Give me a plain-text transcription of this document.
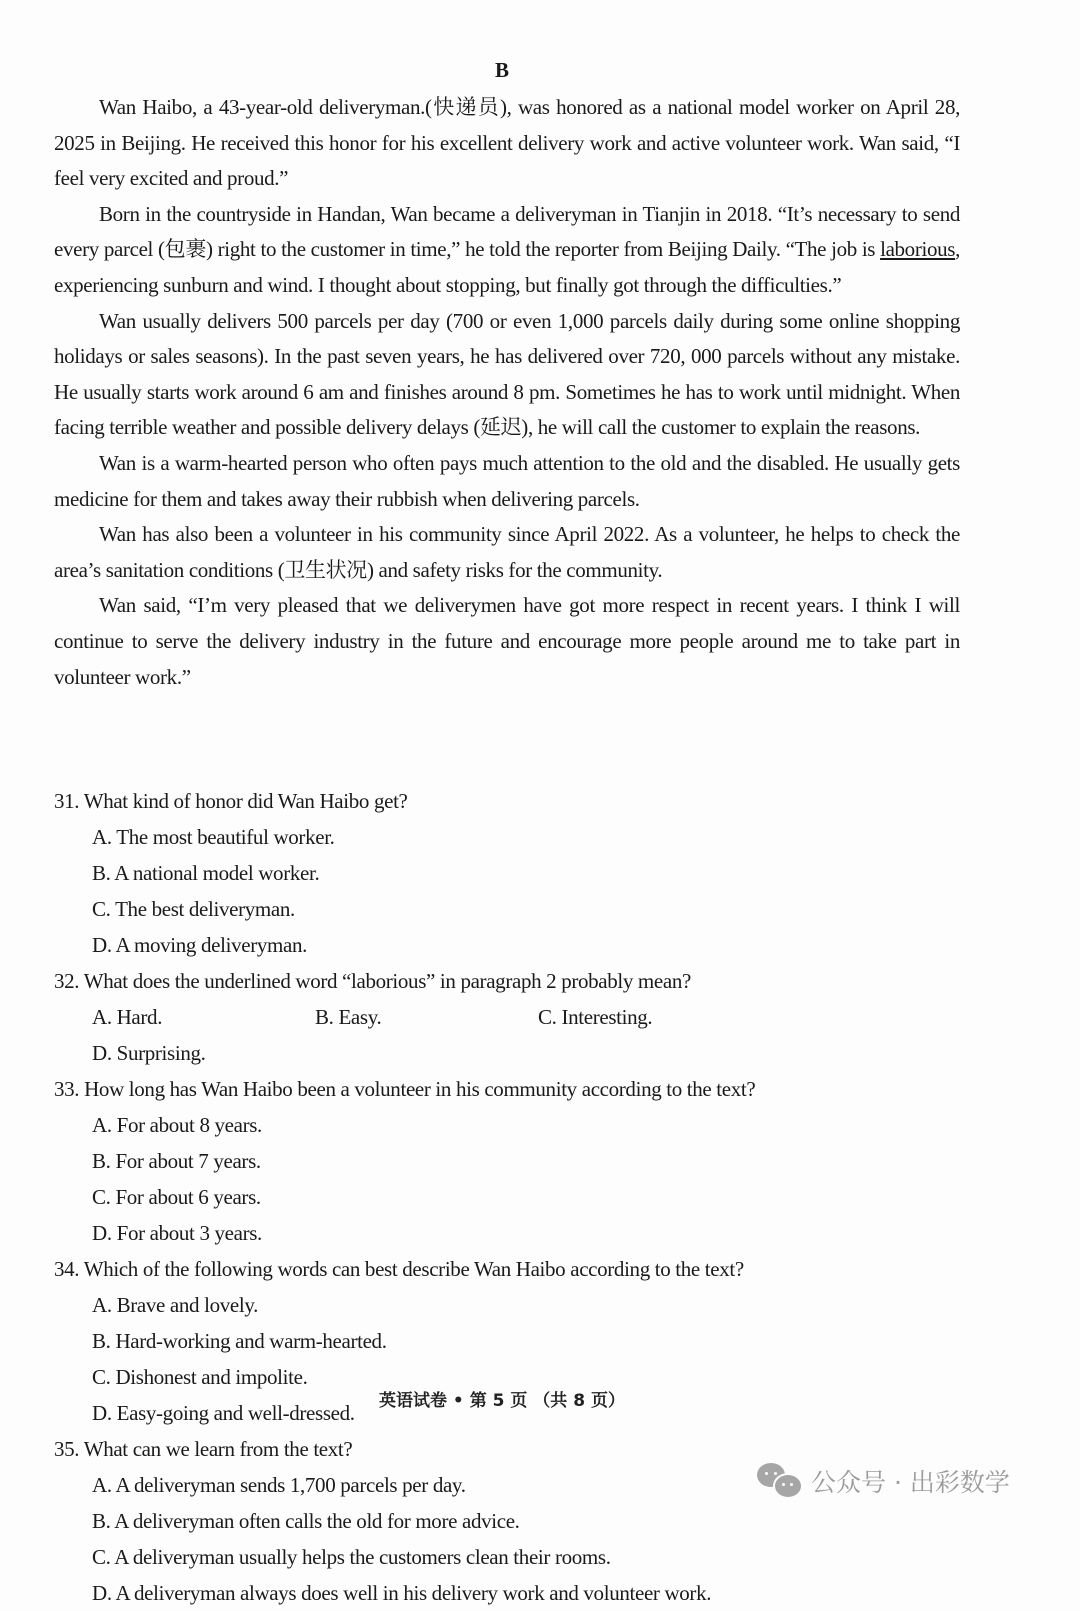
B

Wan Haibo, a 43-year-old deliveryman.(快递员), was honored as a national model worker on April 28, 2025 in Beijing. He received this honor for his excellent delivery work and active volunteer work. Wan said, “I feel very excited and proud.”

Born in the countryside in Handan, Wan became a deliveryman in Tianjin in 2018. “It’s necessary to send every parcel (包裹) right to the customer in time,” he told the reporter from Beijing Daily. “The job is laborious, experiencing sunburn and wind. I thought about stopping, but finally got through the difficulties.”

Wan usually delivers 500 parcels per day (700 or even 1,000 parcels daily during some online shopping holidays or sales seasons). In the past seven years, he has delivered over 720, 000 parcels without any mistake. He usually starts work around 6 am and finishes around 8 pm. Sometimes he has to work until midnight. When facing terrible weather and possible delivery delays (延迟), he will call the customer to explain the reasons.

Wan is a warm-hearted person who often pays much attention to the old and the disabled. He usually gets medicine for them and takes away their rubbish when delivering parcels.

Wan has also been a volunteer in his community since April 2022. As a volunteer, he helps to check the area’s sanitation conditions (卫生状况) and safety risks for the community.

Wan said, “I’m very pleased that we deliverymen have got more respect in recent years. I think I will continue to serve the delivery industry in the future and encourage more people around me to take part in volunteer work.”

31. What kind of honor did Wan Haibo get?
A. The most beautiful worker.
B. A national model worker.
C. The best deliveryman.
D. A moving deliveryman.
32. What does the underlined word “laborious” in paragraph 2 probably mean?
A. Hard.	B. Easy.	C. Interesting.
D. Surprising.
33. How long has Wan Haibo been a volunteer in his community according to the text?
A. For about 8 years.
B. For about 7 years.
C. For about 6 years.
D. For about 3 years.
34. Which of the following words can best describe Wan Haibo according to the text?
A. Brave and lovely.
B. Hard-working and warm-hearted.
C. Dishonest and impolite.
D. Easy-going and well-dressed.
35. What can we learn from the text?
A. A deliveryman sends 1,700 parcels per day.
B. A deliveryman often calls the old for more advice.
C. A deliveryman usually helps the customers clean their rooms.
D. A deliveryman always does well in his delivery work and volunteer work.
英语试卷 • 第 5 页 （共 8 页）
公众号 · 出彩数学
